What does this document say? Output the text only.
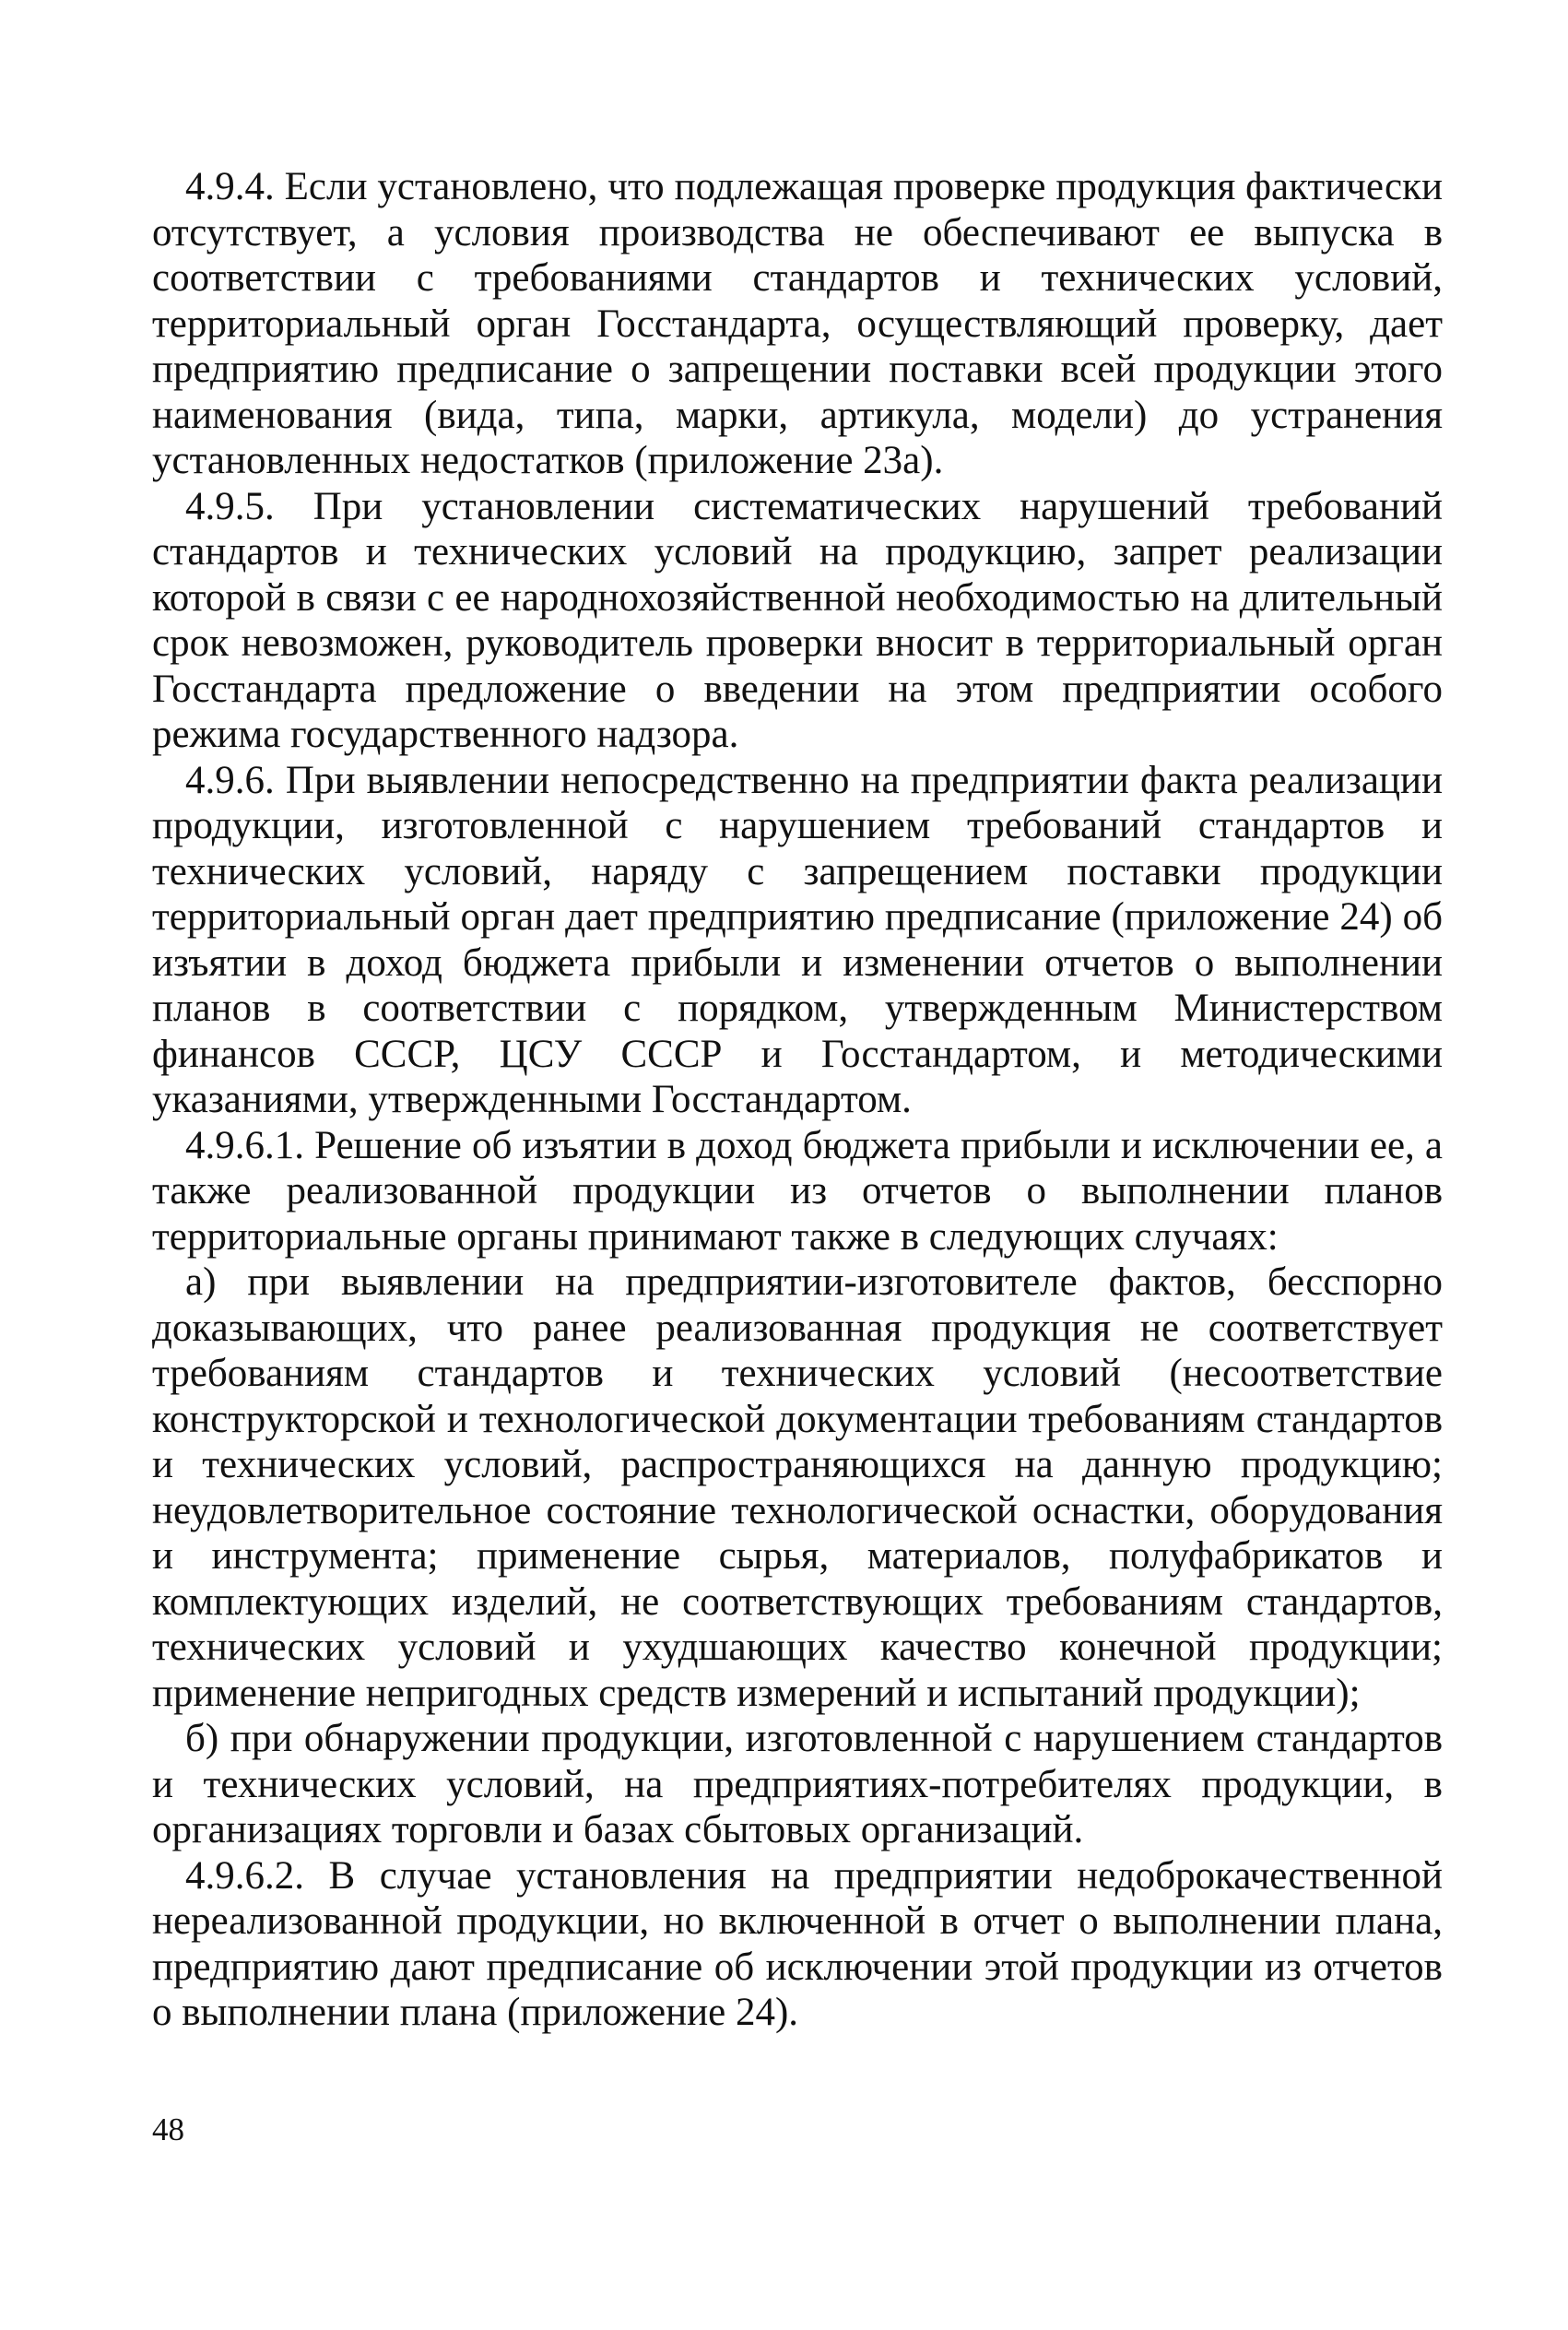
4.9.4. Если установлено, что подлежащая проверке продукция фактически отсутствует, а условия производства не обеспечивают ее выпуска в соответствии с требованиями стандартов и технических условий, территориальный орган Госстандарта, осуществляющий проверку, дает предприятию предписание о запрещении поставки всей продукции этого наименования (вида, типа, марки, артикула, модели) до устранения установленных недостатков (приложение 23а).

4.9.5. При установлении систематических нарушений требований стандартов и технических условий на продукцию, запрет реализации которой в связи с ее народнохозяйственной необходимостью на длительный срок невозможен, руководитель проверки вносит в территориальный орган Госстандарта предложение о введении на этом предприятии особого режима государственного надзора.

4.9.6. При выявлении непосредственно на предприятии факта реализации продукции, изготовленной с нарушением требований стандартов и технических условий, наряду с запрещением поставки продукции территориальный орган дает предприятию предписание (приложение 24) об изъятии в доход бюджета прибыли и изменении отчетов о выполнении планов в соответствии с порядком, утвержденным Министерством финансов СССР, ЦСУ СССР и Госстандартом, и методическими указаниями, утвержденными Госстандартом.

4.9.6.1. Решение об изъятии в доход бюджета прибыли и исключении ее, а также реализованной продукции из отчетов о выполнении планов территориальные органы принимают также в следующих случаях:

а) при выявлении на предприятии-изготовителе фактов, бесспорно доказывающих, что ранее реализованная продукция не соответствует требованиям стандартов и технических условий (несоответствие конструкторской и технологической документации требованиям стандартов и технических условий, распространяющихся на данную продукцию; неудовлетворительное состояние технологической оснастки, оборудования и инструмента; применение сырья, материалов, полуфабрикатов и комплектующих изделий, не соответствующих требованиям стандартов, технических условий и ухудшающих качество конечной продукции; применение непригодных средств измерений и испытаний продукции);

б) при обнаружении продукции, изготовленной с нарушением стандартов и технических условий, на предприятиях-потребителях продукции, в организациях торговли и базах сбытовых организаций.

4.9.6.2. В случае установления на предприятии недоброкачественной нереализованной продукции, но включенной в отчет о выполнении плана, предприятию дают предписание об исключении этой продукции из отчетов о выполнении плана (приложение 24).

48
